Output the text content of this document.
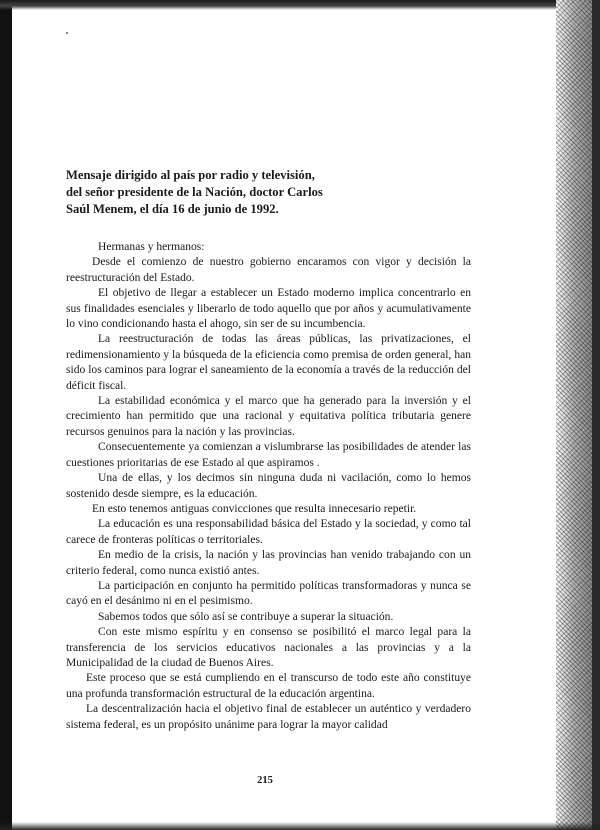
Mensaje dirigido al país por radio y televisión,
del señor presidente de la Nación, doctor Carlos
Saúl Menem, el día 16 de junio de 1992.

Hermanas y hermanos:

Desde el comienzo de nuestro gobierno encaramos con vigor y decisión la reestructuración del Estado.

El objetivo de llegar a establecer un Estado moderno implica concentrarlo en sus finalidades esenciales y liberarlo de todo aquello que por años y acumulativamente lo vino condicionando hasta el ahogo, sin ser de su incumbencia.

La reestructuración de todas las áreas públicas, las privatizaciones, el redimensionamiento y la búsqueda de la eficiencia como premisa de orden general, han sido los caminos para lograr el saneamiento de la economía a través de la reducción del déficit fiscal.

La estabilidad económica y el marco que ha generado para la inversión y el crecimiento han permitido que una racional y equitativa política tributaria genere recursos genuinos para la nación y las provincias.

Consecuentemente ya comienzan a vislumbrarse las posibilidades de atender las cuestiones prioritarias de ese Estado al que aspiramos .

Una de ellas, y los decimos sin ninguna duda ni vacilación, como lo hemos sostenido desde siempre, es la educación.

En esto tenemos antiguas convicciones que resulta innecesario repetir.

La educación es una responsabilidad básica del Estado y la sociedad, y como tal carece de fronteras políticas o territoriales.

En medio de la crisis, la nación y las provincias han venido trabajando con un criterio federal, como nunca existió antes.

La participación en conjunto ha permitido políticas transformadoras y nunca se cayó en el desánimo ni en el pesimismo.

Sabemos todos que sólo así se contribuye a superar la situación.

Con este mismo espíritu y en consenso se posibilitó el marco legal para la transferencia de los servicios educativos nacionales a las provincias y a la Municipalidad de la ciudad de Buenos Aires.

Este proceso que se está cumpliendo en el transcurso de todo este año constituye una profunda transformación estructural de la educación argentina.

La descentralización hacia el objetivo final de establecer un auténtico y verdadero sistema federal, es un propósito unánime para lograr la mayor calidad

215
